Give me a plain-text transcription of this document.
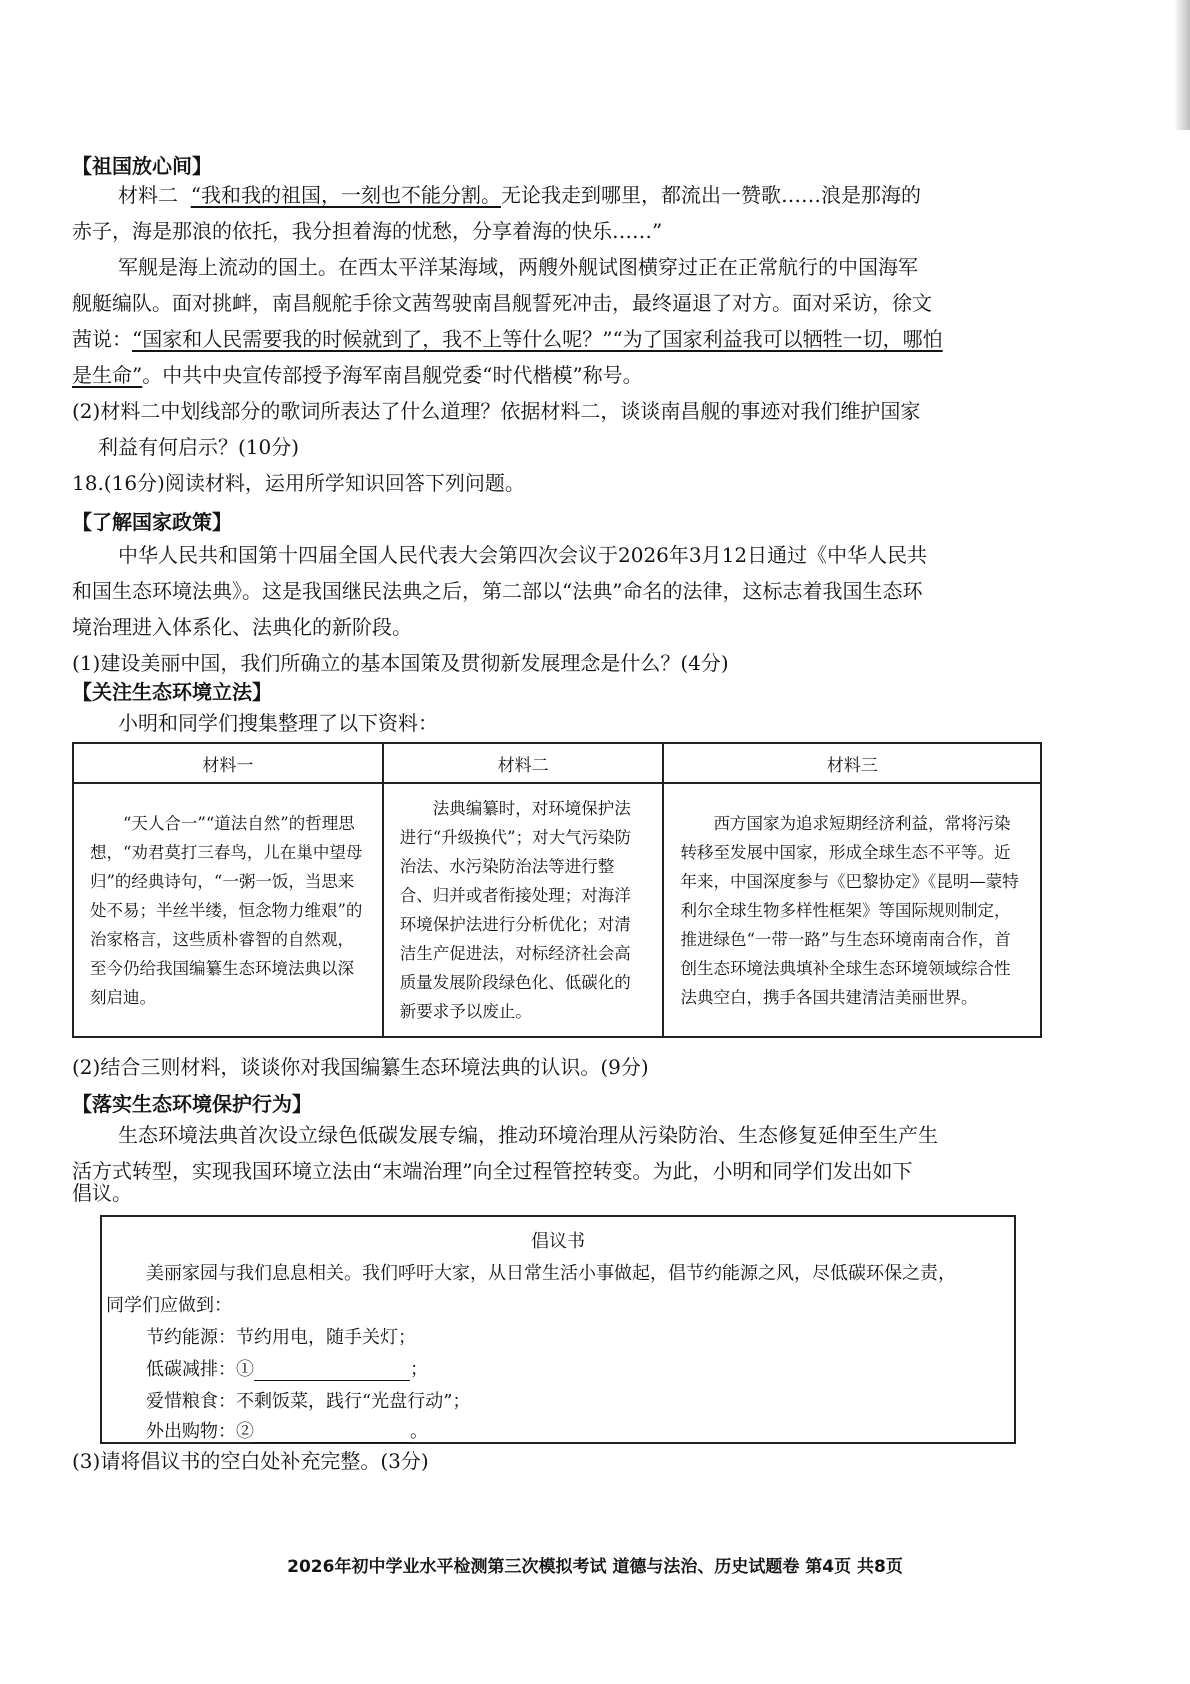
【祖国放心间】
材料二 “我和我的祖国，一刻也不能分割。无论我走到哪里，都流出一赞歌……浪是那海的
赤子，海是那浪的依托，我分担着海的忧愁，分享着海的快乐……”
军舰是海上流动的国土。在西太平洋某海域，两艘外舰试图横穿过正在正常航行的中国海军
舰艇编队。面对挑衅，南昌舰舵手徐文茜驾驶南昌舰誓死冲击，最终逼退了对方。面对采访，徐文
茜说：“国家和人民需要我的时候就到了，我不上等什么呢？”“为了国家利益我可以牺牲一切，哪怕
是生命”。中共中央宣传部授予海军南昌舰党委“时代楷模”称号。
(2)材料二中划线部分的歌词所表达了什么道理？依据材料二，谈谈南昌舰的事迹对我们维护国家
利益有何启示？(10分)
18.(16分)阅读材料，运用所学知识回答下列问题。
【了解国家政策】
中华人民共和国第十四届全国人民代表大会第四次会议于2026年3月12日通过《中华人民共
和国生态环境法典》。这是我国继民法典之后，第二部以“法典”命名的法律，这标志着我国生态环
境治理进入体系化、法典化的新阶段。
(1)建设美丽中国，我们所确立的基本国策及贯彻新发展理念是什么？(4分)
【关注生态环境立法】
小明和同学们搜集整理了以下资料：
材料一	材料二	材料三
“天人合一”“道法自然”的哲理思想，“劝君莫打三春鸟，儿在巢中望母归”的经典诗句，“一粥一饭，当思来处不易；半丝半缕，恒念物力维艰”的治家格言，这些质朴睿智的自然观，至今仍给我国编纂生态环境法典以深刻启迪。	法典编纂时，对环境保护法进行“升级换代”；对大气污染防治法、水污染防治法等进行整合、归并或者衔接处理；对海洋环境保护法进行分析优化；对清洁生产促进法，对标经济社会高质量发展阶段绿色化、低碳化的新要求予以废止。	西方国家为追求短期经济利益，常将污染转移至发展中国家，形成全球生态不平等。近年来，中国深度参与《巴黎协定》《昆明—蒙特利尔全球生物多样性框架》等国际规则制定，推进绿色“一带一路”与生态环境南南合作，首创生态环境法典填补全球生态环境领域综合性法典空白，携手各国共建清洁美丽世界。
(2)结合三则材料，谈谈你对我国编纂生态环境法典的认识。(9分)
【落实生态环境保护行为】
生态环境法典首次设立绿色低碳发展专编，推动环境治理从污染防治、生态修复延伸至生产生
活方式转型，实现我国环境立法由“末端治理”向全过程管控转变。为此，小明和同学们发出如下
倡议。
倡议书
美丽家园与我们息息相关。我们呼吁大家，从日常生活小事做起，倡节约能源之风，尽低碳环保之责，
同学们应做到：
节约能源：节约用电，随手关灯；
低碳减排：①	；
爱惜粮食：不剩饭菜，践行“光盘行动”；
外出购物：②	。
(3)请将倡议书的空白处补充完整。(3分)
2026年初中学业水平检测第三次模拟考试 道德与法治、历史试题卷 第4页 共8页
